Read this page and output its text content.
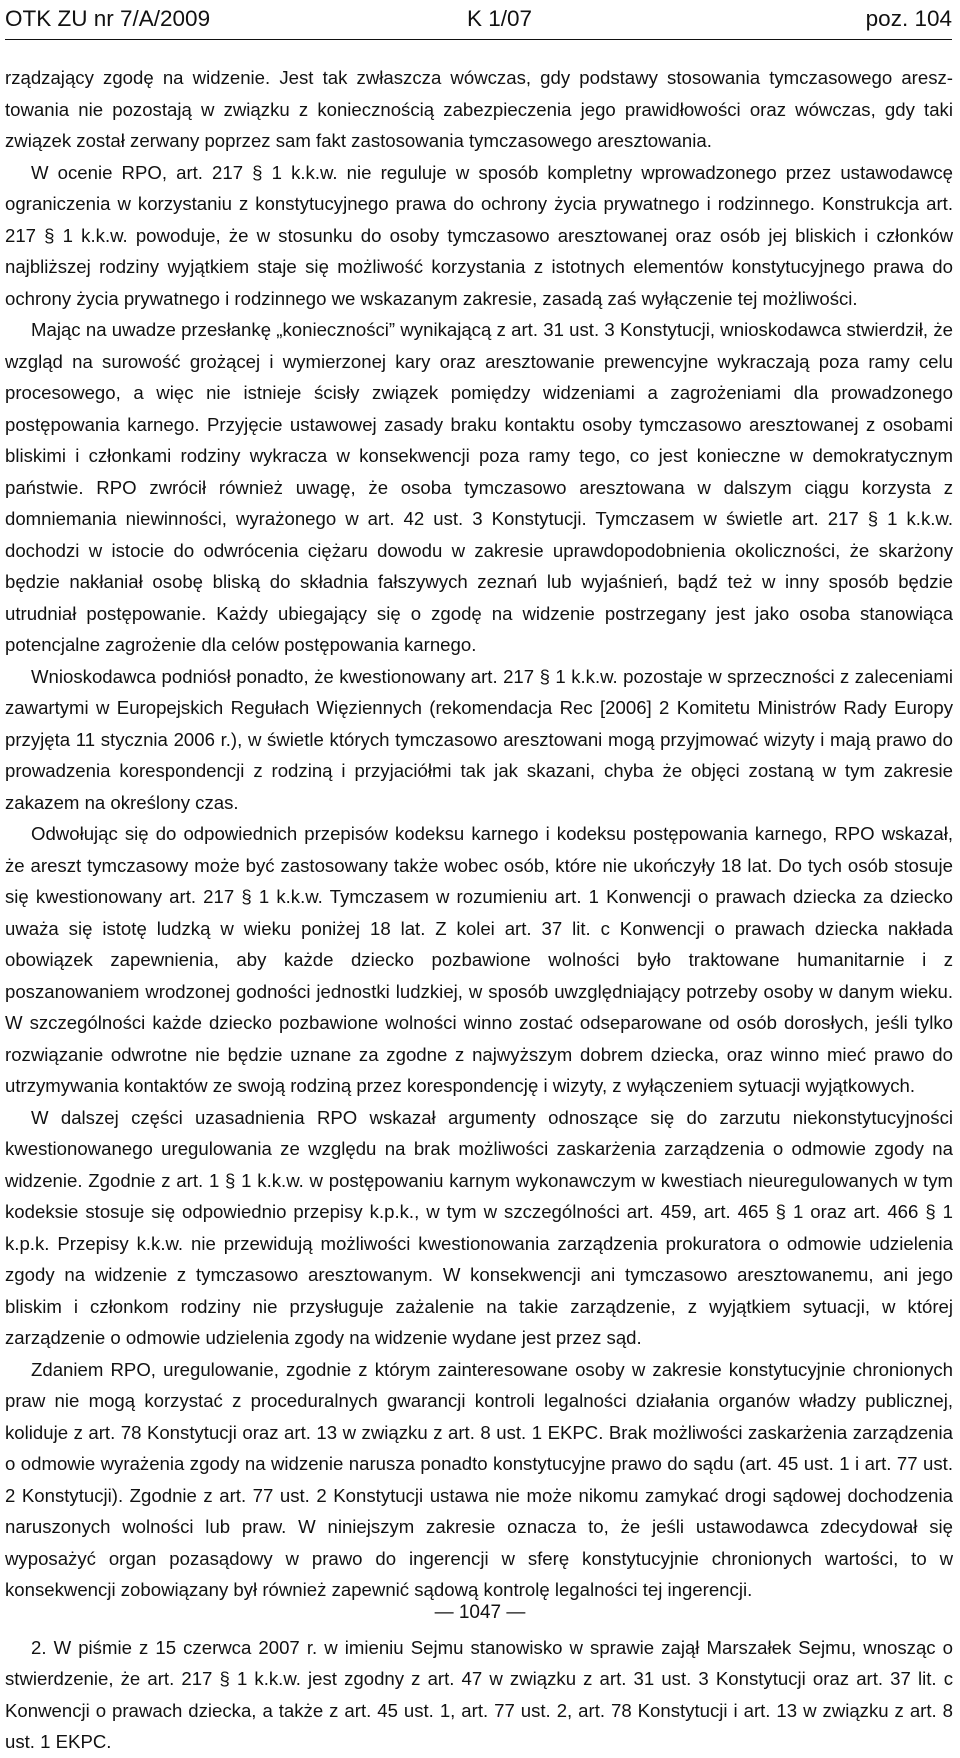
OTK ZU nr 7/A/2009	K 1/07	poz. 104

rządzający zgodę na widzenie. Jest tak zwłaszcza wówczas, gdy podstawy stosowania tymczasowego aresztowania nie pozostają w związku z koniecznością zabezpieczenia jego prawidłowości oraz wówczas, gdy taki związek został zerwany poprzez sam fakt zastosowania tymczasowego aresztowania.

W ocenie RPO, art. 217 § 1 k.k.w. nie reguluje w sposób kompletny wprowadzonego przez ustawodawcę ograniczenia w korzystaniu z konstytucyjnego prawa do ochrony życia prywatnego i rodzinnego. Konstrukcja art. 217 § 1 k.k.w. powoduje, że w stosunku do osoby tymczasowo aresztowanej oraz osób jej bliskich i członków najbliższej rodziny wyjątkiem staje się możliwość korzystania z istotnych elementów konstytucyjnego prawa do ochrony życia prywatnego i rodzinnego we wskazanym zakresie, zasadą zaś wyłączenie tej możliwości.

Mając na uwadze przesłankę „konieczności” wynikającą z art. 31 ust. 3 Konstytucji, wnioskodawca stwierdził, że wzgląd na surowość grożącej i wymierzonej kary oraz aresztowanie prewencyjne wykraczają poza ramy celu procesowego, a więc nie istnieje ścisły związek pomiędzy widzeniami a zagrożeniami dla prowadzonego postępowania karnego. Przyjęcie ustawowej zasady braku kontaktu osoby tymczasowo aresztowanej z osobami bliskimi i członkami rodziny wykracza w konsekwencji poza ramy tego, co jest konieczne w demokratycznym państwie. RPO zwrócił również uwagę, że osoba tymczasowo aresztowana w dalszym ciągu korzysta z domniemania niewinności, wyrażonego w art. 42 ust. 3 Konstytucji. Tymczasem w świetle art. 217 § 1 k.k.w. dochodzi w istocie do odwrócenia ciężaru dowodu w zakresie uprawdopodobnienia okoliczności, że skarżony będzie nakłaniał osobę bliską do składnia fałszywych zeznań lub wyjaśnień, bądź też w inny sposób będzie utrudniał postępowanie. Każdy ubiegający się o zgodę na widzenie postrzegany jest jako osoba stanowiąca potencjalne zagrożenie dla celów postępowania karnego.

Wnioskodawca podniósł ponadto, że kwestionowany art. 217 § 1 k.k.w. pozostaje w sprzeczności z zaleceniami zawartymi w Europejskich Regułach Więziennych (rekomendacja Rec [2006] 2 Komitetu Ministrów Rady Europy przyjęta 11 stycznia 2006 r.), w świetle których tymczasowo aresztowani mogą przyjmować wizyty i mają prawo do prowadzenia korespondencji z rodziną i przyjaciółmi tak jak skazani, chyba że objęci zostaną w tym zakresie zakazem na określony czas.

Odwołując się do odpowiednich przepisów kodeksu karnego i kodeksu postępowania karnego, RPO wskazał, że areszt tymczasowy może być zastosowany także wobec osób, które nie ukończyły 18 lat. Do tych osób stosuje się kwestionowany art. 217 § 1 k.k.w. Tymczasem w rozumieniu art. 1 Konwencji o prawach dziecka za dziecko uważa się istotę ludzką w wieku poniżej 18 lat. Z kolei art. 37 lit. c Konwencji o prawach dziecka nakłada obowiązek zapewnienia, aby każde dziecko pozbawione wolności było traktowane humanitarnie i z poszanowaniem wrodzonej godności jednostki ludzkiej, w sposób uwzględniający potrzeby osoby w danym wieku. W szczególności każde dziecko pozbawione wolności winno zostać odseparowane od osób dorosłych, jeśli tylko rozwiązanie odwrotne nie będzie uznane za zgodne z najwyższym dobrem dziecka, oraz winno mieć prawo do utrzymywania kontaktów ze swoją rodziną przez korespondencję i wizyty, z wyłączeniem sytuacji wyjątkowych.

W dalszej części uzasadnienia RPO wskazał argumenty odnoszące się do zarzutu niekonstytucyjności kwestionowanego uregulowania ze względu na brak możliwości zaskarżenia zarządzenia o odmowie zgody na widzenie. Zgodnie z art. 1 § 1 k.k.w. w postępowaniu karnym wykonawczym w kwestiach nieuregulowanych w tym kodeksie stosuje się odpowiednio przepisy k.p.k., w tym w szczególności art. 459, art. 465 § 1 oraz art. 466 § 1 k.p.k. Przepisy k.k.w. nie przewidują możliwości kwestionowania zarządzenia prokuratora o odmowie udzielenia zgody na widzenie z tymczasowo aresztowanym. W konsekwencji ani tymczasowo aresztowanemu, ani jego bliskim i członkom rodziny nie przysługuje zażalenie na takie zarządzenie, z wyjątkiem sytuacji, w której zarządzenie o odmowie udzielenia zgody na widzenie wydane jest przez sąd.

Zdaniem RPO, uregulowanie, zgodnie z którym zainteresowane osoby w zakresie konstytucyjnie chronionych praw nie mogą korzystać z proceduralnych gwarancji kontroli legalności działania organów władzy publicznej, koliduje z art. 78 Konstytucji oraz art. 13 w związku z art. 8 ust. 1 EKPC. Brak możliwości zaskarżenia zarządzenia o odmowie wyrażenia zgody na widzenie narusza ponadto konstytucyjne prawo do sądu (art. 45 ust. 1 i art. 77 ust. 2 Konstytucji). Zgodnie z art. 77 ust. 2 Konstytucji ustawa nie może nikomu zamykać drogi sądowej dochodzenia naruszonych wolności lub praw. W niniejszym zakresie oznacza to, że jeśli ustawodawca zdecydował się wyposażyć organ pozasądowy w prawo do ingerencji w sferę konstytucyjnie chronionych wartości, to w konsekwencji zobowiązany był również zapewnić sądową kontrolę legalności tej ingerencji.

2. W piśmie z 15 czerwca 2007 r. w imieniu Sejmu stanowisko w sprawie zajął Marszałek Sejmu, wnosząc o stwierdzenie, że art. 217 § 1 k.k.w. jest zgodny z art. 47 w związku z art. 31 ust. 3 Konstytucji oraz art. 37 lit. c Konwencji o prawach dziecka, a także z art. 45 ust. 1, art. 77 ust. 2, art. 78 Konstytucji i art. 13 w związku z art. 8 ust. 1 EKPC.

— 1047 —
